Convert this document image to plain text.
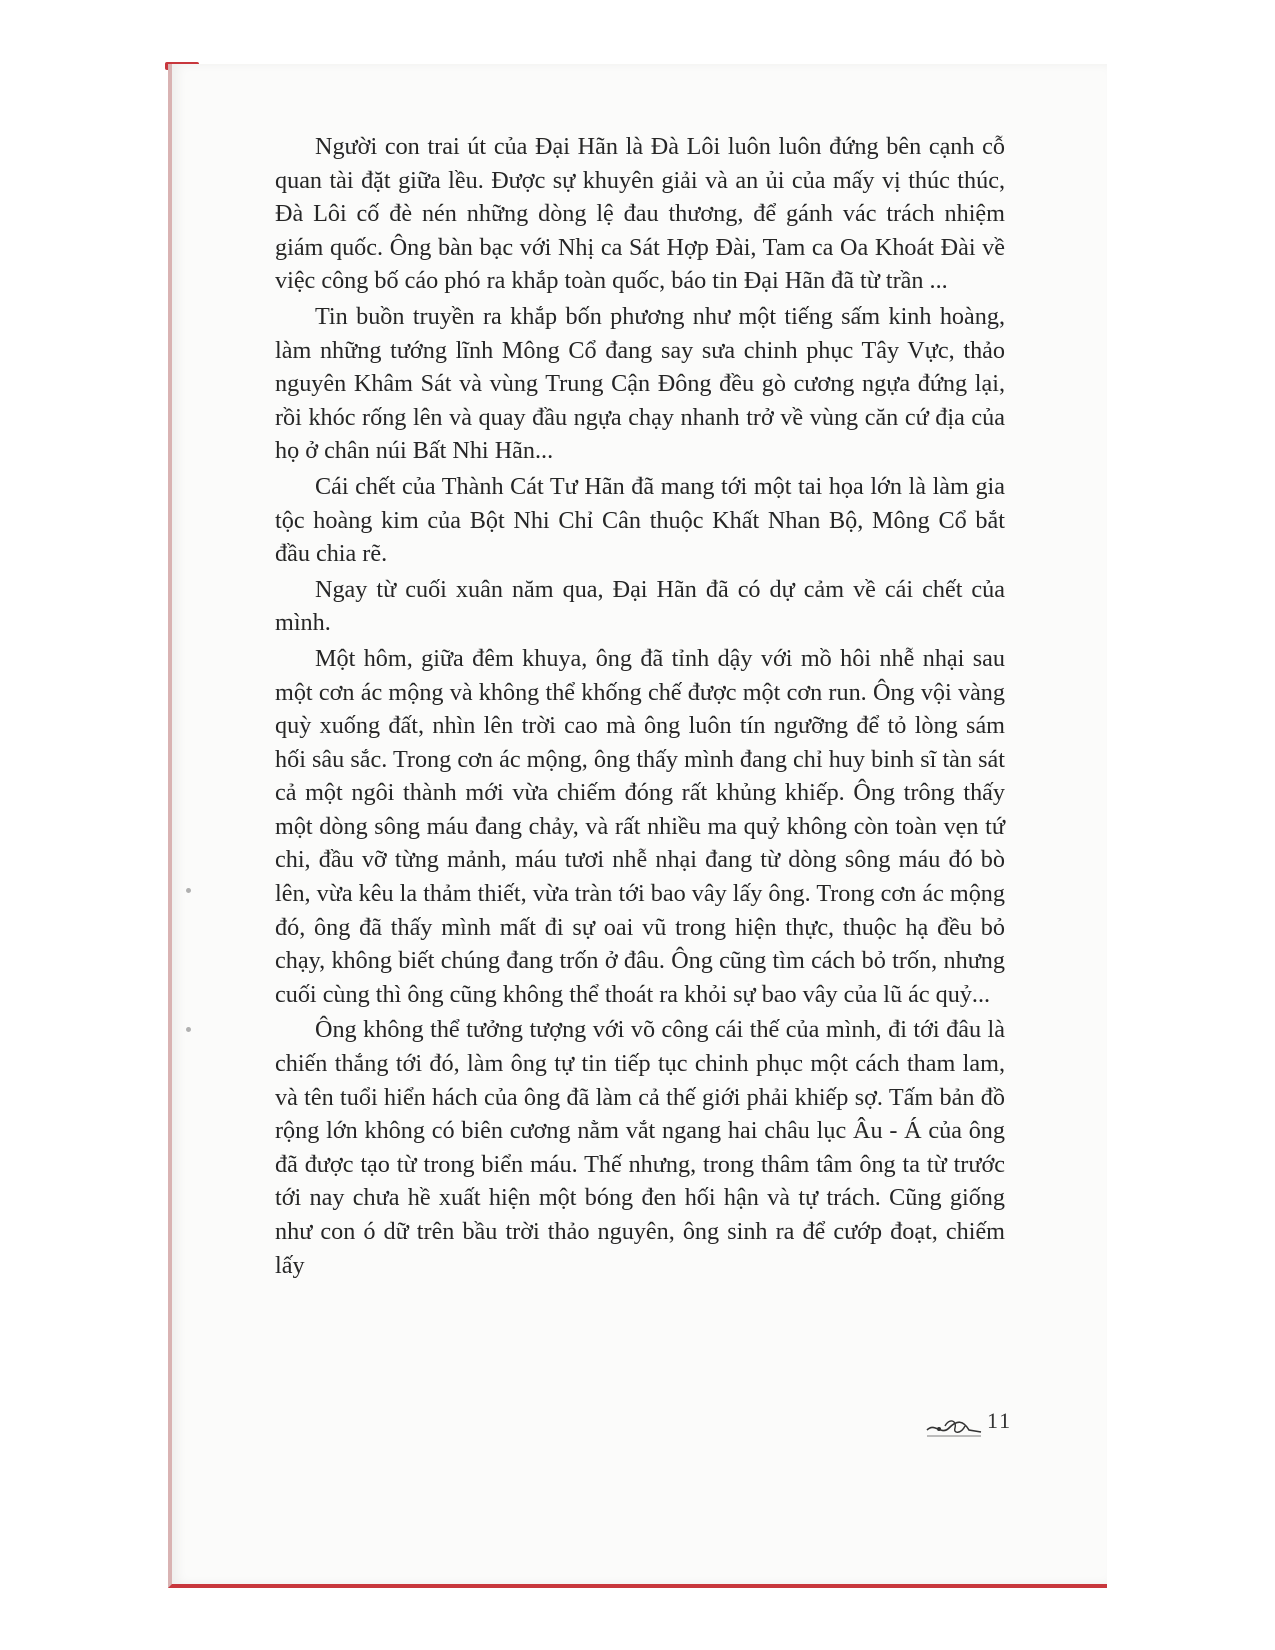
Người con trai út của Đại Hãn là Đà Lôi luôn luôn đứng bên cạnh cỗ quan tài đặt giữa lều. Được sự khuyên giải và an ủi của mấy vị thúc thúc, Đà Lôi cố đè nén những dòng lệ đau thương, để gánh vác trách nhiệm giám quốc. Ông bàn bạc với Nhị ca Sát Hợp Đài, Tam ca Oa Khoát Đài về việc công bố cáo phó ra khắp toàn quốc, báo tin Đại Hãn đã từ trần ...

Tin buồn truyền ra khắp bốn phương như một tiếng sấm kinh hoàng, làm những tướng lĩnh Mông Cổ đang say sưa chinh phục Tây Vực, thảo nguyên Khâm Sát và vùng Trung Cận Đông đều gò cương ngựa đứng lại, rồi khóc rống lên và quay đầu ngựa chạy nhanh trở về vùng căn cứ địa của họ ở chân núi Bất Nhi Hãn...

Cái chết của Thành Cát Tư Hãn đã mang tới một tai họa lớn là làm gia tộc hoàng kim của Bột Nhi Chỉ Cân thuộc Khất Nhan Bộ, Mông Cổ bắt đầu chia rẽ.

Ngay từ cuối xuân năm qua, Đại Hãn đã có dự cảm về cái chết của mình.

Một hôm, giữa đêm khuya, ông đã tỉnh dậy với mồ hôi nhễ nhại sau một cơn ác mộng và không thể khống chế được một cơn run. Ông vội vàng quỳ xuống đất, nhìn lên trời cao mà ông luôn tín ngưỡng để tỏ lòng sám hối sâu sắc. Trong cơn ác mộng, ông thấy mình đang chỉ huy binh sĩ tàn sát cả một ngôi thành mới vừa chiếm đóng rất khủng khiếp. Ông trông thấy một dòng sông máu đang chảy, và rất nhiều ma quỷ không còn toàn vẹn tứ chi, đầu vỡ từng mảnh, máu tươi nhễ nhại đang từ dòng sông máu đó bò lên, vừa kêu la thảm thiết, vừa tràn tới bao vây lấy ông. Trong cơn ác mộng đó, ông đã thấy mình mất đi sự oai vũ trong hiện thực, thuộc hạ đều bỏ chạy, không biết chúng đang trốn ở đâu. Ông cũng tìm cách bỏ trốn, nhưng cuối cùng thì ông cũng không thể thoát ra khỏi sự bao vây của lũ ác quỷ...

Ông không thể tưởng tượng với võ công cái thế của mình, đi tới đâu là chiến thắng tới đó, làm ông tự tin tiếp tục chinh phục một cách tham lam, và tên tuổi hiển hách của ông đã làm cả thế giới phải khiếp sợ. Tấm bản đồ rộng lớn không có biên cương nằm vắt ngang hai châu lục Âu - Á của ông đã được tạo từ trong biển máu. Thế nhưng, trong thâm tâm ông ta từ trước tới nay chưa hề xuất hiện một bóng đen hối hận và tự trách. Cũng giống như con ó dữ trên bầu trời thảo nguyên, ông sinh ra để cướp đoạt, chiếm lấy

11
